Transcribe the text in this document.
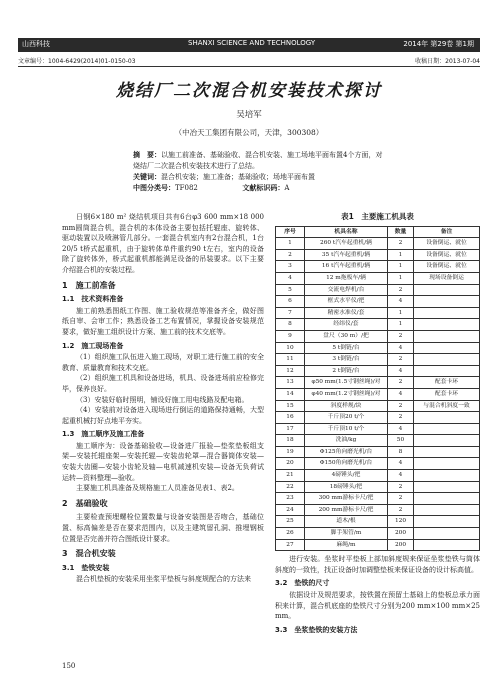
山西科技	SHANXI SCIENCE AND TECHNOLOGY	2014年 第29卷 第1期
文章编号：1004-6429(2014)01-0150-03	收稿日期：2013-07-04
烧结厂二次混合机安装技术探讨
吴培军
（中冶天工集团有限公司，天津，300308）
摘　要：以施工前准备、基础验收、混合机安装、施工场地平面布置4个方面，对烧结厂二次混合机安装技术进行了总结。
关键词：混合机安装；施工准备；基础验收；场地平面布置
中图分类号：TF082	文献标识码：A

日钢6×180 m² 烧结机项目共有6台φ3 600 mm×18 000 mm圆筒混合机，混合机的本体设备主要包括托辊座、旋转体、驱动装置以及喷淋管几部分。一套混合机室内有2台混合机，1台20/5 t桥式起重机，由于旋转体单件重约90 t左右，室内的设备除了旋转体外，桥式起重机都能满足设备的吊装要求。以下主要介绍混合机的安装过程。

1　施工前准备
1.1　技术资料准备

施工前熟悉图纸工作图、施工验收规范等准备齐全，做好图纸自审、会审工作；熟悉设备工艺布置情况，掌握设备安装规范要求，做好施工组织设计方案、施工前的技术交底等。

1.2　施工现场准备

（1）组织施工队伍进入施工现场，对职工进行施工前的安全教育、质量教育和技术交底。

（2）组织施工机具和设备进场，机具、设备进场前应检修完毕，保养良好。

（3）安装好临时照明，铺设好施工用电线路及配电箱。

（4）安装前对设备进入现场进行倒运的道路保持通畅，大型起重机械打好点地平夯实。

1.3　施工顺序及施工准备

施工顺序为：设备基础验收—设备进厂报验—垫浆垫板组支架—安装托辊座架—安装托辊—安装齿轮罩—混合器筒体安装—安装大齿圈—安装小齿轮及轴—电机减速机安装—设备无负荷试运转—资料整理—验收。

主要施工机具准备及规格施工人员准备见表1、表2。

2　基础验收

主要检查预埋螺栓位置数量与设备安装图是否吻合，基础位置、标高偏差是否在要求范围内，以及主建筑留孔洞、推埋钢板位置是否完善并符合图纸设计要求。

3　混合机安装
3.1　垫铁安装

混合机垫板的安装采用坐浆平垫板与斜度规配合的方法来

表1　主要施工机具表
序号	机具名称	数量	备注
1	260 t汽车起重机/辆	2	设备倒运、就位
2	35 t汽车起重机/辆	1	设备倒运、就位
3	16 t汽车起重机/辆	1	设备倒运、就位
4	12 m拖板车/辆	1	现场设备倒运
5	交流电焊机/台	2	
6	框式水平仪/把	4	
7	精密水准仪/套	1	
8	经纬仪/套	1	
9	盘尺（30 m）/把	2	
10	5 t倒链/台	4	
11	3 t倒链/台	2	
12	2 t倒链/台	4	
13	φ50 mm(1.5寸钢丝绳)/对	2	配套卡环
14	φ40 mm(1.2寸钢丝绳)/对	4	配套卡环
15	斜度样规/块	2	与混合机斜度一致
16	千斤顶20 t/个	2	
17	千斤顶10 t/个	4	
18	洗油/kg	50	
19	Φ125角向磨光机/台	8	
20	Φ150角向磨光机/台	4	
21	4磅锤头/把	4	
22	18磅锤头/把	2	
23	300 mm游标卡尺/把	2	
24	200 mm游标卡尺/把	2	
25	道木/根	120	
26	脚手架管/m	200	
27	麻绳/m	200	

进行安装。坐浆时平垫板上部加斜度规来保证坐浆垫铁与筒体斜度的一致性，找正设备时加调整垫板来保证设备的设计标高值。

3.2　垫铁的尺寸

依据设计及规范要求，按铁置在预留土基础上的垫板总承力面积来计算，混合机底座的垫铁尺寸分别为200 mm×100 mm×25 mm。

3.3　坐浆垫铁的安装方法
150
